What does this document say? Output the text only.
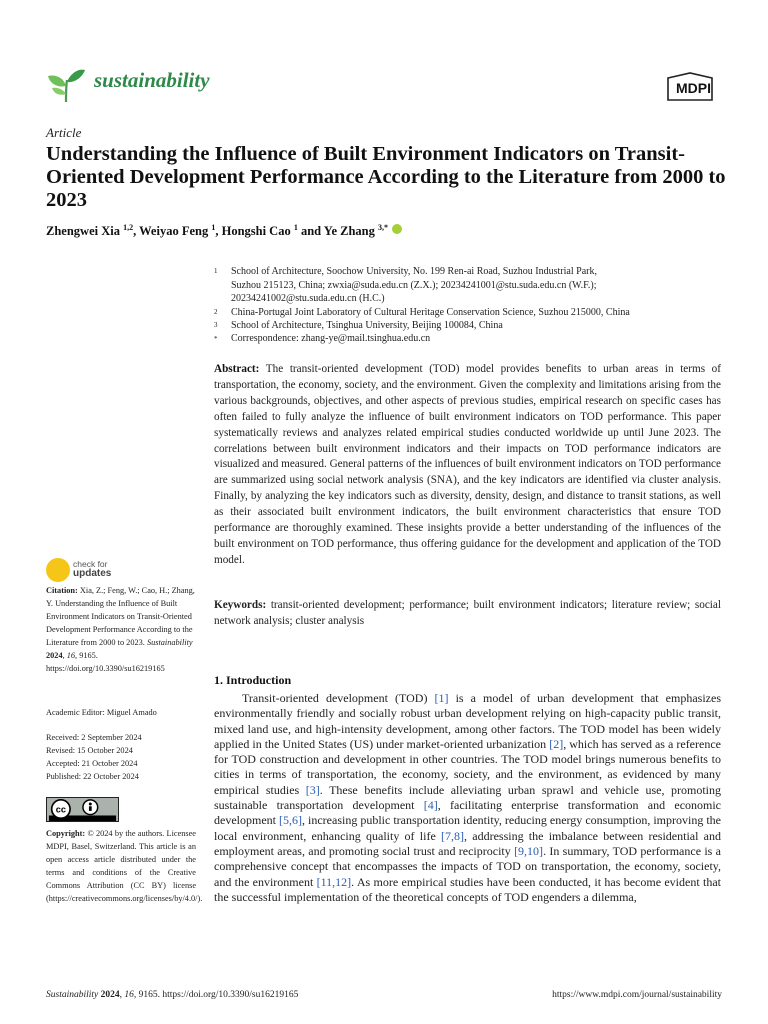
sustainability	MDPI
Article
Understanding the Influence of Built Environment Indicators on Transit-Oriented Development Performance According to the Literature from 2000 to 2023
Zhengwei Xia $^{1,2}$, Weiyao Feng $^1$, Hongshi Cao $^1$ and Ye Zhang $^{3,*}$
1 School of Architecture, Soochow University, No. 199 Ren-ai Road, Suzhou Industrial Park,
Suzhou 215123, China; zwxia@suda.edu.cn (Z.X.); 20234241001@stu.suda.edu.cn (W.F.);
20234241002@stu.suda.edu.cn (H.C.)
2 China-Portugal Joint Laboratory of Cultural Heritage Conservation Science, Suzhou 215000, China
3 School of Architecture, Tsinghua University, Beijing 100084, China
* Correspondence: zhang-ye@mail.tsinghua.edu.cn
Abstract: The transit-oriented development (TOD) model provides benefits to urban areas in terms of transportation, the economy, society, and the environment. Given the complexity and limitations arising from the various backgrounds, objectives, and other aspects of previous studies, empirical research on specific cases has often failed to fully analyze the influence of built environment indicators on TOD performance. This paper systematically reviews and analyzes related empirical studies conducted worldwide up until June 2023. The correlations between built environment indicators and their impacts on TOD performance indicators are visualized and measured. General patterns of the influences of built environment indicators on TOD performance are summarized using social network analysis (SNA), and the key indicators are identified via cluster analysis. Finally, by analyzing the key indicators such as diversity, density, design, and distance to transit stations, as well as their associated built environment indicators, the built environment characteristics that ensure TOD performance are thoroughly examined. These insights provide a better understanding of the influences of the built environment on TOD performance, thus offering guidance for the development and application of the TOD model.
Keywords: transit-oriented development; performance; built environment indicators; literature review; social network analysis; cluster analysis
1. Introduction
Transit-oriented development (TOD) [1] is a model of urban development that emphasizes environmentally friendly and socially robust urban development relying on high-capacity public transit, mixed land use, and high-intensity development, among other factors. The TOD model has been widely applied in the United States (US) under market-oriented urbanization [2], which has served as a reference for TOD construction and development in other countries. The TOD model brings numerous benefits to cities in terms of transportation, the economy, society, and the environment, as evidenced by many empirical studies [3]. These benefits include alleviating urban sprawl and vehicle use, promoting sustainable transportation development [4], facilitating enterprise transformation and economic development [5,6], increasing public transportation identity, reducing energy consumption, improving the local environment, enhancing quality of life [7,8], addressing the imbalance between residential and employment areas, and promoting social trust and reciprocity [9,10]. In summary, TOD performance is a comprehensive concept that encompasses the impacts of TOD on transportation, the economy, society, and the environment [11,12]. As more empirical studies have been conducted, it has become evident that the successful implementation of the theoretical concepts of TOD engenders a dilemma,
check for
updates
Citation: Xia, Z.; Feng, W.; Cao, H.; Zhang, Y. Understanding the Influence of Built Environment Indicators on Transit-Oriented Development Performance According to the Literature from 2000 to 2023. Sustainability 2024, 16, 9165. https://doi.org/10.3390/su16219165
Academic Editor: Miguel Amado
Received: 2 September 2024
Revised: 15 October 2024
Accepted: 21 October 2024
Published: 22 October 2024
cc
Copyright: © 2024 by the authors. Licensee MDPI, Basel, Switzerland. This article is an open access article distributed under the terms and conditions of the Creative Commons Attribution (CC BY) license (https://creativecommons.org/licenses/by/4.0/).
Sustainability 2024, 16, 9165. https://doi.org/10.3390/su16219165	https://www.mdpi.com/journal/sustainability
